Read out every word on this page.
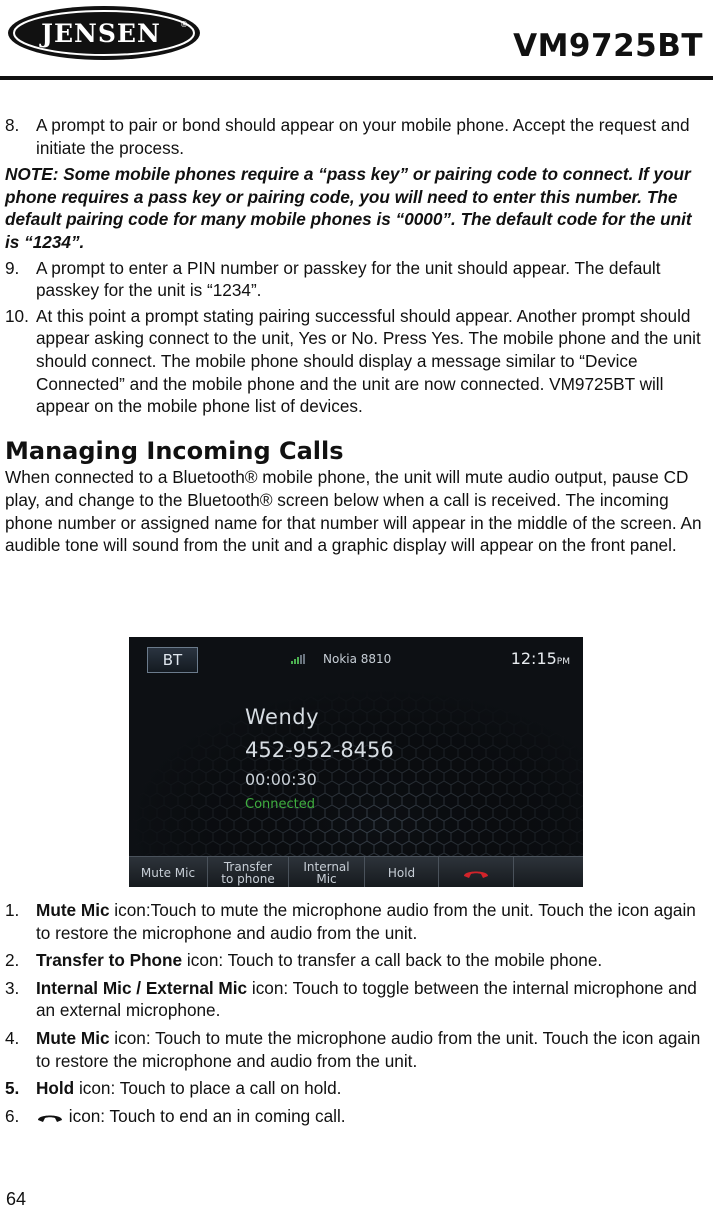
JENSEN ®
VM9725BT
8. A prompt to pair or bond should appear on your mobile phone. Accept the request and initiate the process.
NOTE: Some mobile phones require a “pass key” or pairing code to connect. If your phone requires a pass key or pairing code, you will need to enter this number. The default pairing code for many mobile phones is “0000”. The default code for the unit is “1234”.
9. A prompt to enter a PIN number or passkey for the unit should appear. The default passkey for the unit is “1234”.
10. At this point a prompt stating pairing successful should appear. Another prompt should appear asking connect to the unit, Yes or No. Press Yes. The mobile phone and the unit should connect. The mobile phone should display a message similar to “Device Connected” and the mobile phone and the unit are now connected. VM9725BT will appear on the mobile phone list of devices.
Managing Incoming Calls

When connected to a Bluetooth® mobile phone, the unit will mute audio output, pause CD play, and change to the Bluetooth® screen below when a call is received. The incoming phone number or assigned name for that number will appear in the middle of the screen. An audible tone will sound from the unit and a graphic display will appear on the front panel.

BT	Nokia 8810	12:15PM
Wendy
452-952-8456
00:00:30
Connected
Mute Mic	Transfer
to phone
Internal
Mic	Hold
1. Mute Mic icon:Touch to mute the microphone audio from the unit. Touch the icon again to restore the microphone and audio from the unit.
2. Transfer to Phone icon: Touch to transfer a call back to the mobile phone.
3. Internal Mic / External Mic icon: Touch to toggle between the internal microphone and an external microphone.
4. Mute Mic icon: Touch to mute the microphone audio from the unit. Touch the icon again to restore the microphone and audio from the unit.
5. Hold icon: Touch to place a call on hold.
6.	icon: Touch to end an in coming call.
64
